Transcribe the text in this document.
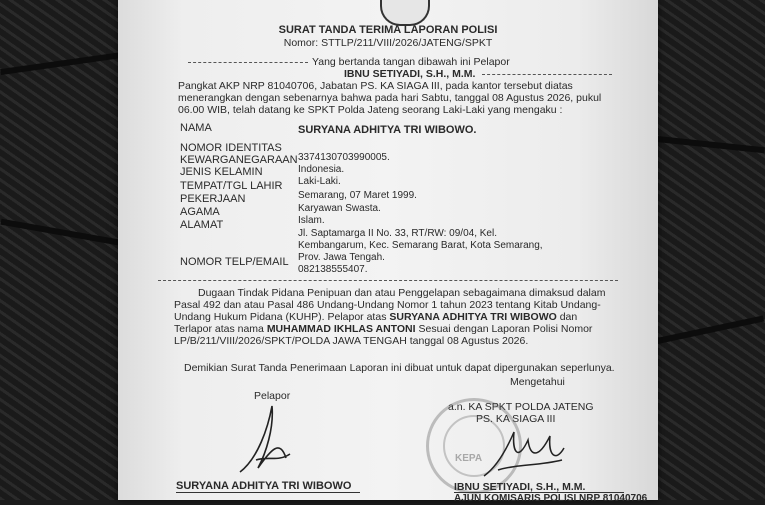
SURAT TANDA TERIMA LAPORAN POLISI
Nomor: STTLP/211/VIII/2026/JATENG/SPKT
Yang bertanda tangan dibawah ini Pelapor
IBNU SETIYADI, S.H., M.M.
Pangkat AKP NRP 81040706, Jabatan PS. KA SIAGA III, pada kantor tersebut diatas
menerangkan dengan sebenarnya bahwa pada hari Sabtu, tanggal 08 Agustus 2026, pukul
06.00 WIB, telah datang ke SPKT Polda Jateng seorang Laki-Laki yang mengaku :
NAMA	SURYANA ADHITYA TRI WIBOWO.
NOMOR IDENTITAS
3374130703990005.
KEWARGANEGARAAN
Indonesia.
JENIS KELAMIN
Laki-Laki.
TEMPAT/TGL LAHIR
Semarang, 07 Maret 1999.
PEKERJAAN
Karyawan Swasta.
AGAMA
Islam.
ALAMAT
Jl. Saptamarga II No. 33, RT/RW: 09/04, Kel.
Kembangarum, Kec. Semarang Barat, Kota Semarang,
Prov. Jawa Tengah.
NOMOR TELP/EMAIL
082138555407.
Dugaan Tindak Pidana Penipuan dan atau Penggelapan sebagaimana dimaksud dalam
Pasal 492 dan atau Pasal 486 Undang-Undang Nomor 1 tahun 2023 tentang Kitab Undang-
Undang Hukum Pidana (KUHP). Pelapor atas SURYANA ADHITYA TRI WIBOWO dan
Terlapor atas nama MUHAMMAD IKHLAS ANTONI Sesuai dengan Laporan Polisi Nomor
LP/B/211/VIII/2026/SPKT/POLDA JAWA TENGAH tanggal 08 Agustus 2026.
Demikian Surat Tanda Penerimaan Laporan ini dibuat untuk dapat dipergunakan seperlunya.
Pelapor
SURYANA ADHITYA TRI WIBOWO
Mengetahui
a.n. KA SPKT POLDA JATENG
PS. KA SIAGA III
KEPA
IBNU SETIYADI, S.H., M.M.
AJUN KOMISARIS POLISI NRP 81040706
